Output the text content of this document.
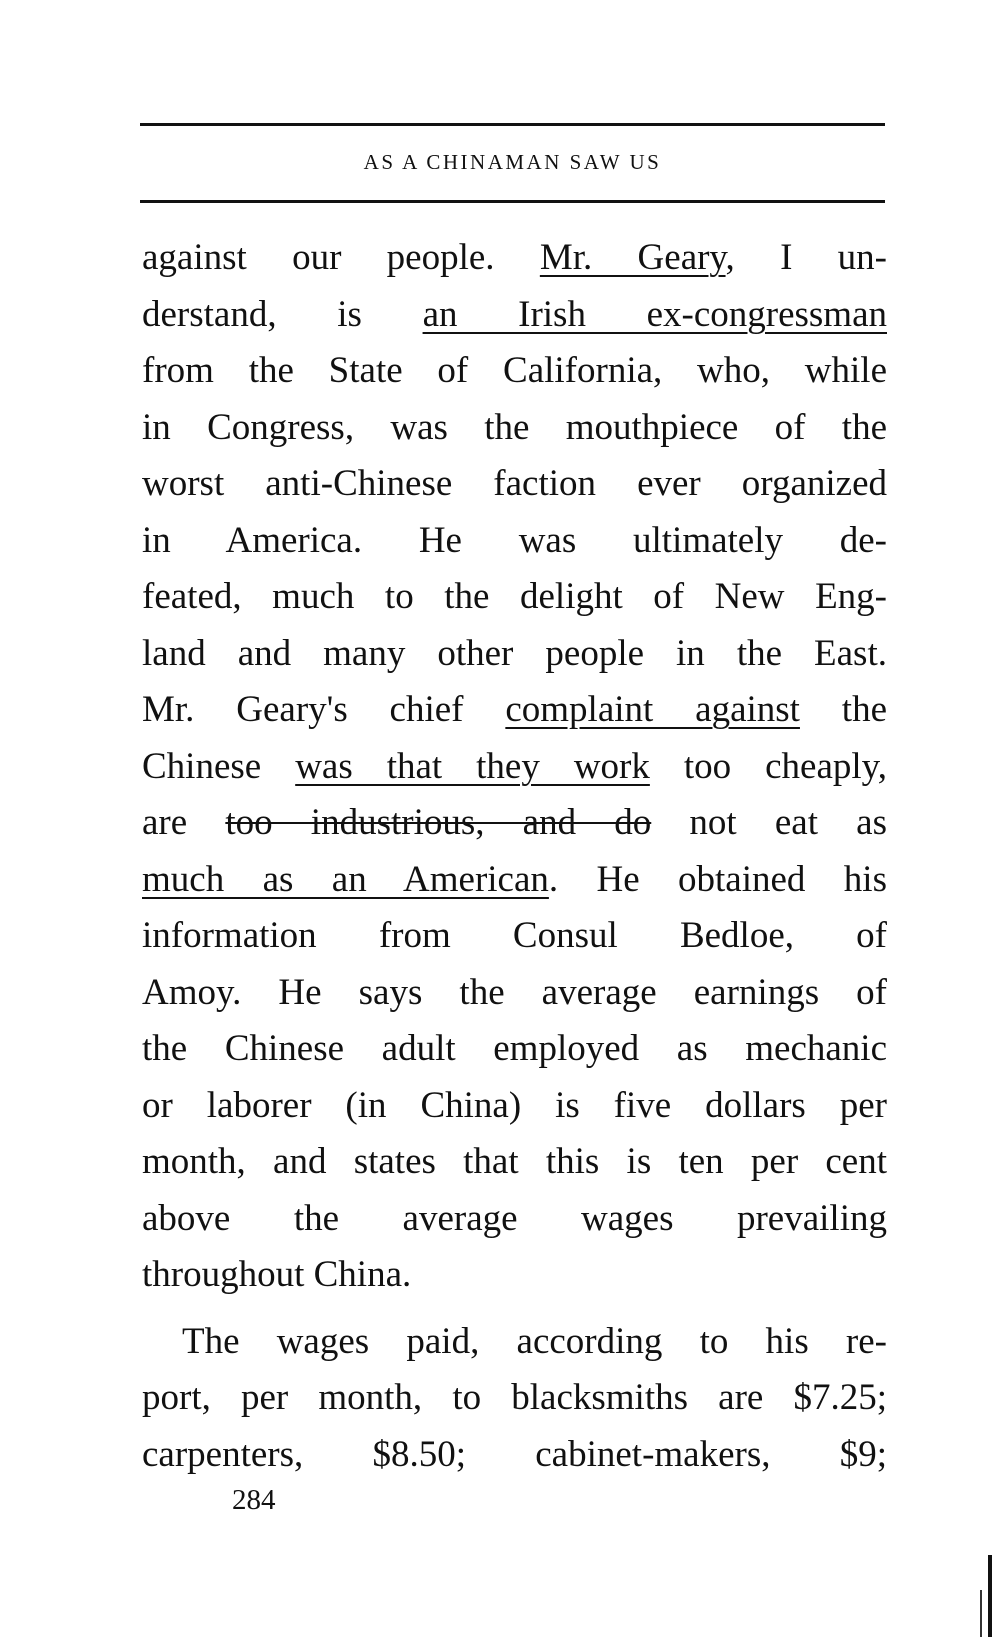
AS A CHINAMAN SAW US
against our people. Mr. Geary, I un-
derstand, is an Irish ex-congressman
from the State of California, who, while
in Congress, was the mouthpiece of the
worst anti-Chinese faction ever organized
in America. He was ultimately de-
feated, much to the delight of New Eng-
land and many other people in the East.
Mr. Geary's chief complaint against the
Chinese was that they work too cheaply,
are too industrious, and do not eat as
much as an American. He obtained his
information from Consul Bedloe, of
Amoy. He says the average earnings of
the Chinese adult employed as mechanic
or laborer (in China) is five dollars per
month, and states that this is ten per cent
above the average wages prevailing
throughout China.
The wages paid, according to his re-
port, per month, to blacksmiths are $7.25;
carpenters, $8.50; cabinet-makers, $9;
284
